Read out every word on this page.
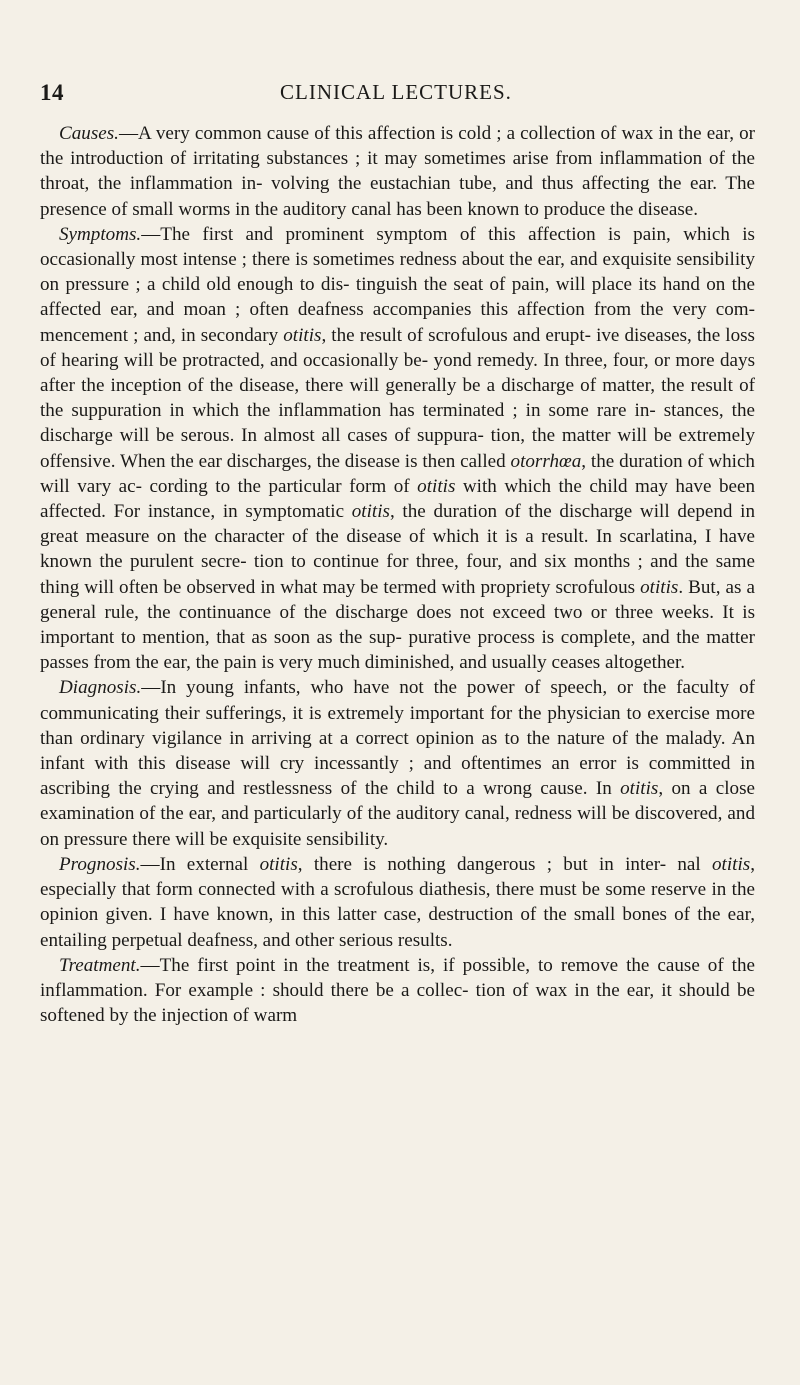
14	CLINICAL LECTURES.

Causes.—A very common cause of this affection is cold ; a collection of wax in the ear, or the introduction of irritating substances ; it may sometimes arise from inflammation of the throat, the inflammation in- volving the eustachian tube, and thus affecting the ear. The presence of small worms in the auditory canal has been known to produce the disease.

Symptoms.—The first and prominent symptom of this affection is pain, which is occasionally most intense ; there is sometimes redness about the ear, and exquisite sensibility on pressure ; a child old enough to dis- tinguish the seat of pain, will place its hand on the affected ear, and moan ; often deafness accompanies this affection from the very com- mencement ; and, in secondary otitis, the result of scrofulous and erupt- ive diseases, the loss of hearing will be protracted, and occasionally be- yond remedy. In three, four, or more days after the inception of the disease, there will generally be a discharge of matter, the result of the suppuration in which the inflammation has terminated ; in some rare in- stances, the discharge will be serous. In almost all cases of suppura- tion, the matter will be extremely offensive. When the ear discharges, the disease is then called otorrhœa, the duration of which will vary ac- cording to the particular form of otitis with which the child may have been affected. For instance, in symptomatic otitis, the duration of the discharge will depend in great measure on the character of the disease of which it is a result. In scarlatina, I have known the purulent secre- tion to continue for three, four, and six months ; and the same thing will often be observed in what may be termed with propriety scrofulous otitis. But, as a general rule, the continuance of the discharge does not exceed two or three weeks. It is important to mention, that as soon as the sup- purative process is complete, and the matter passes from the ear, the pain is very much diminished, and usually ceases altogether.

Diagnosis.—In young infants, who have not the power of speech, or the faculty of communicating their sufferings, it is extremely important for the physician to exercise more than ordinary vigilance in arriving at a correct opinion as to the nature of the malady. An infant with this disease will cry incessantly ; and oftentimes an error is committed in ascribing the crying and restlessness of the child to a wrong cause. In otitis, on a close examination of the ear, and particularly of the auditory canal, redness will be discovered, and on pressure there will be exquisite sensibility.

Prognosis.—In external otitis, there is nothing dangerous ; but in inter- nal otitis, especially that form connected with a scrofulous diathesis, there must be some reserve in the opinion given. I have known, in this latter case, destruction of the small bones of the ear, entailing perpetual deafness, and other serious results.

Treatment.—The first point in the treatment is, if possible, to remove the cause of the inflammation. For example : should there be a collec- tion of wax in the ear, it should be softened by the injection of warm
